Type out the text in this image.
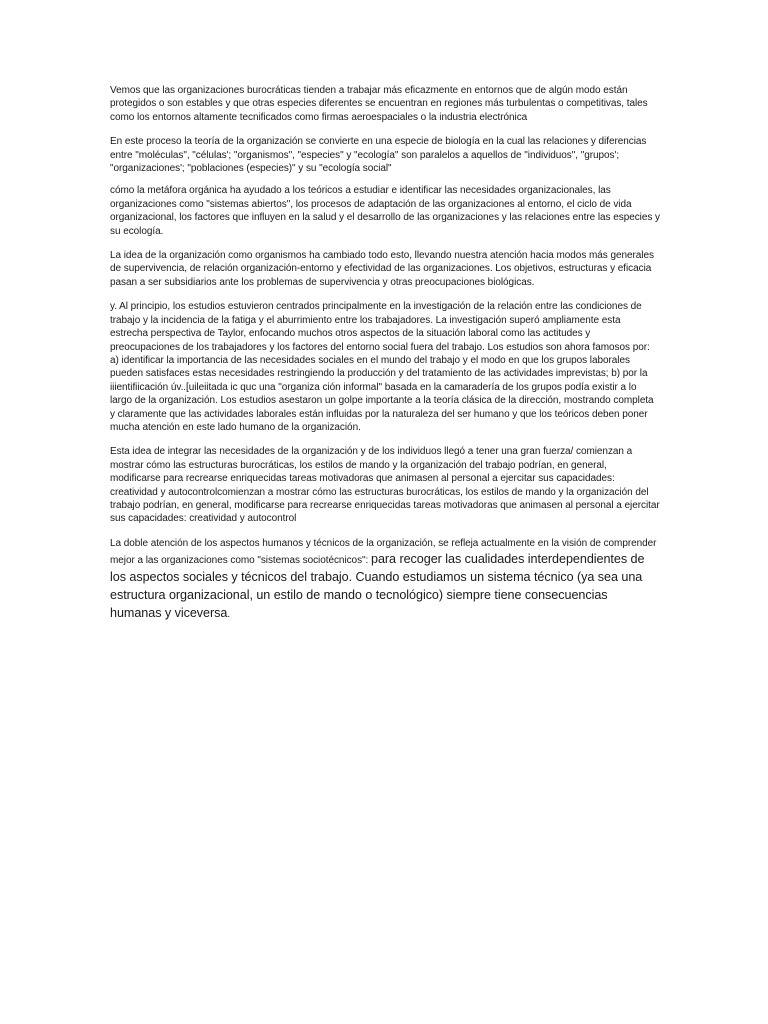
Vemos que las organizaciones burocráticas tienden a trabajar más eficazmente en entornos que de algún modo están protegidos o son estables y que otras especies diferentes se encuentran en regiones más turbulentas o competitivas, tales como los entornos altamente tecnificados como firmas aeroespaciales o la industria electrónica

En este proceso la teoría de la organización se convierte en una especie de biología en la cual las relaciones y diferencias entre "moléculas", "células'; "organismos", "especies" y "ecología" son paralelos a aquellos de "individuos", "grupos'; "organizaciones'; "poblaciones (especies)" y su "ecología social"

cómo la metáfora orgánica ha ayudado a los teóricos a estudiar e identificar las necesidades organizacionales, las organizaciones como "sistemas abiertos", los procesos de adaptación de las organizaciones al entorno, el ciclo de vida organizacional, los factores que influyen en la salud y el desarrollo de las organizaciones y las relaciones entre las especies y su ecología.

La idea de la organización como organismos ha cambiado todo esto, llevando nuestra atención hacia modos más generales de supervivencia, de relación organización-entorno y efectividad de las organizaciones. Los objetivos, estructuras y eficacia pasan a ser subsidiarios ante los problemas de supervivencia y otras preocupaciones biológicas.

y. Al principio, los estudios estuvieron centrados principalmente en la investigación de la relación entre las condiciones de trabajo y la incidencia de la fatiga y el aburrimiento entre los trabajadores. La investigación superó ampliamente esta estrecha perspectiva de Taylor, enfocando muchos otros aspectos de la situación laboral como las actitudes y preocupaciones de los trabajadores y los factores del entorno social fuera del trabajo. Los estudios son ahora famosos por: a) identificar la importancia de las necesidades sociales en el mundo del trabajo y el modo en que los grupos laborales pueden satisfaces estas necesidades restringiendo la producción y del tratamiento de las actividades imprevistas; b) por la iiientifiicación úv..[uileiitada ic quc una "organiza ción informal" basada en la camaradería de los grupos podía existir a lo largo de la organización. Los estudios asestaron un golpe importante a la teoría clásica de la dirección, mostrando completa y claramente que las actividades laborales están influidas por la naturaleza del ser humano y que los teóricos deben poner mucha atención en este lado humano de la organización.

Esta idea de integrar las necesidades de la organización y de los individuos llegó a tener una gran fuerza/ comienzan a mostrar cómo las estructuras burocráticas, los estilos de mando y la organización del trabajo podrían, en general, modificarse para recrearse enriquecidas tareas motivadoras que animasen al personal a ejercitar sus capacidades: creatividad y autocontrolcomienzan a mostrar cómo las estructuras burocráticas, los estilos de mando y la organización del trabajo podrían, en general, modificarse para recrearse enriquecidas tareas motivadoras que animasen al personal a ejercitar sus capacidades: creatividad y autocontrol

La doble atención de los aspectos humanos y técnicos de la organización, se refleja actualmente en la visión de comprender mejor a las organizaciones como "sistemas sociotécnicos": para recoger las cualidades interdependientes de los aspectos sociales y técnicos del trabajo. Cuando estudiamos un sistema técnico (ya sea una estructura organizacional, un estilo de mando o tecnológico) siempre tiene consecuencias humanas y viceversa.
